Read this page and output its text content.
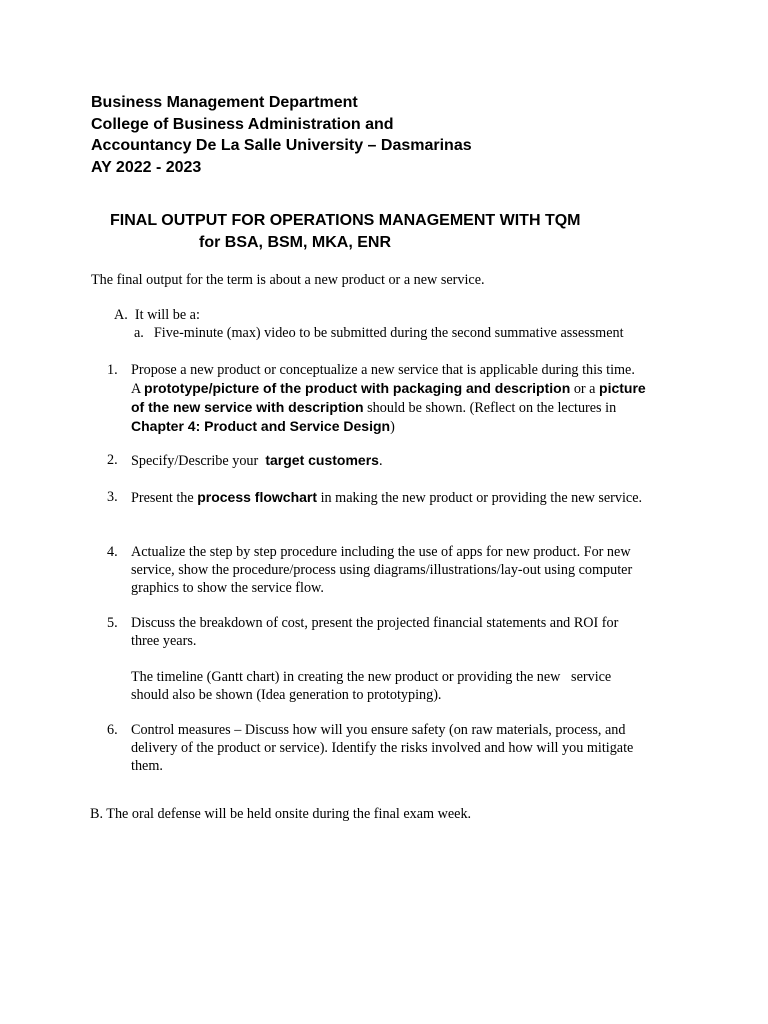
Business Management Department
College of Business Administration and
Accountancy De La Salle University – Dasmarinas
AY 2022 - 2023
FINAL OUTPUT FOR OPERATIONS MANAGEMENT WITH TQM
for BSA, BSM, MKA, ENR
The final output for the term is about a new product or a new service.
A. It will be a:
a. Five-minute (max) video to be submitted during the second summative assessment
1. Propose a new product or conceptualize a new service that is applicable during this time. A prototype/picture of the product with packaging and description or a picture of the new service with description should be shown. (Reflect on the lectures in Chapter 4: Product and Service Design)
2. Specify/Describe your  target customers.
3. Present the process flowchart in making the new product or providing the new service.
4. Actualize the step by step procedure including the use of apps for new product. For new service, show the procedure/process using diagrams/illustrations/lay-out using computer graphics to show the service flow.
5. Discuss the breakdown of cost, present the projected financial statements and ROI for three years.
The timeline (Gantt chart) in creating the new product or providing the new   service should also be shown (Idea generation to prototyping).
6. Control measures – Discuss how will you ensure safety (on raw materials, process, and delivery of the product or service). Identify the risks involved and how will you mitigate them.
B. The oral defense will be held onsite during the final exam week.
